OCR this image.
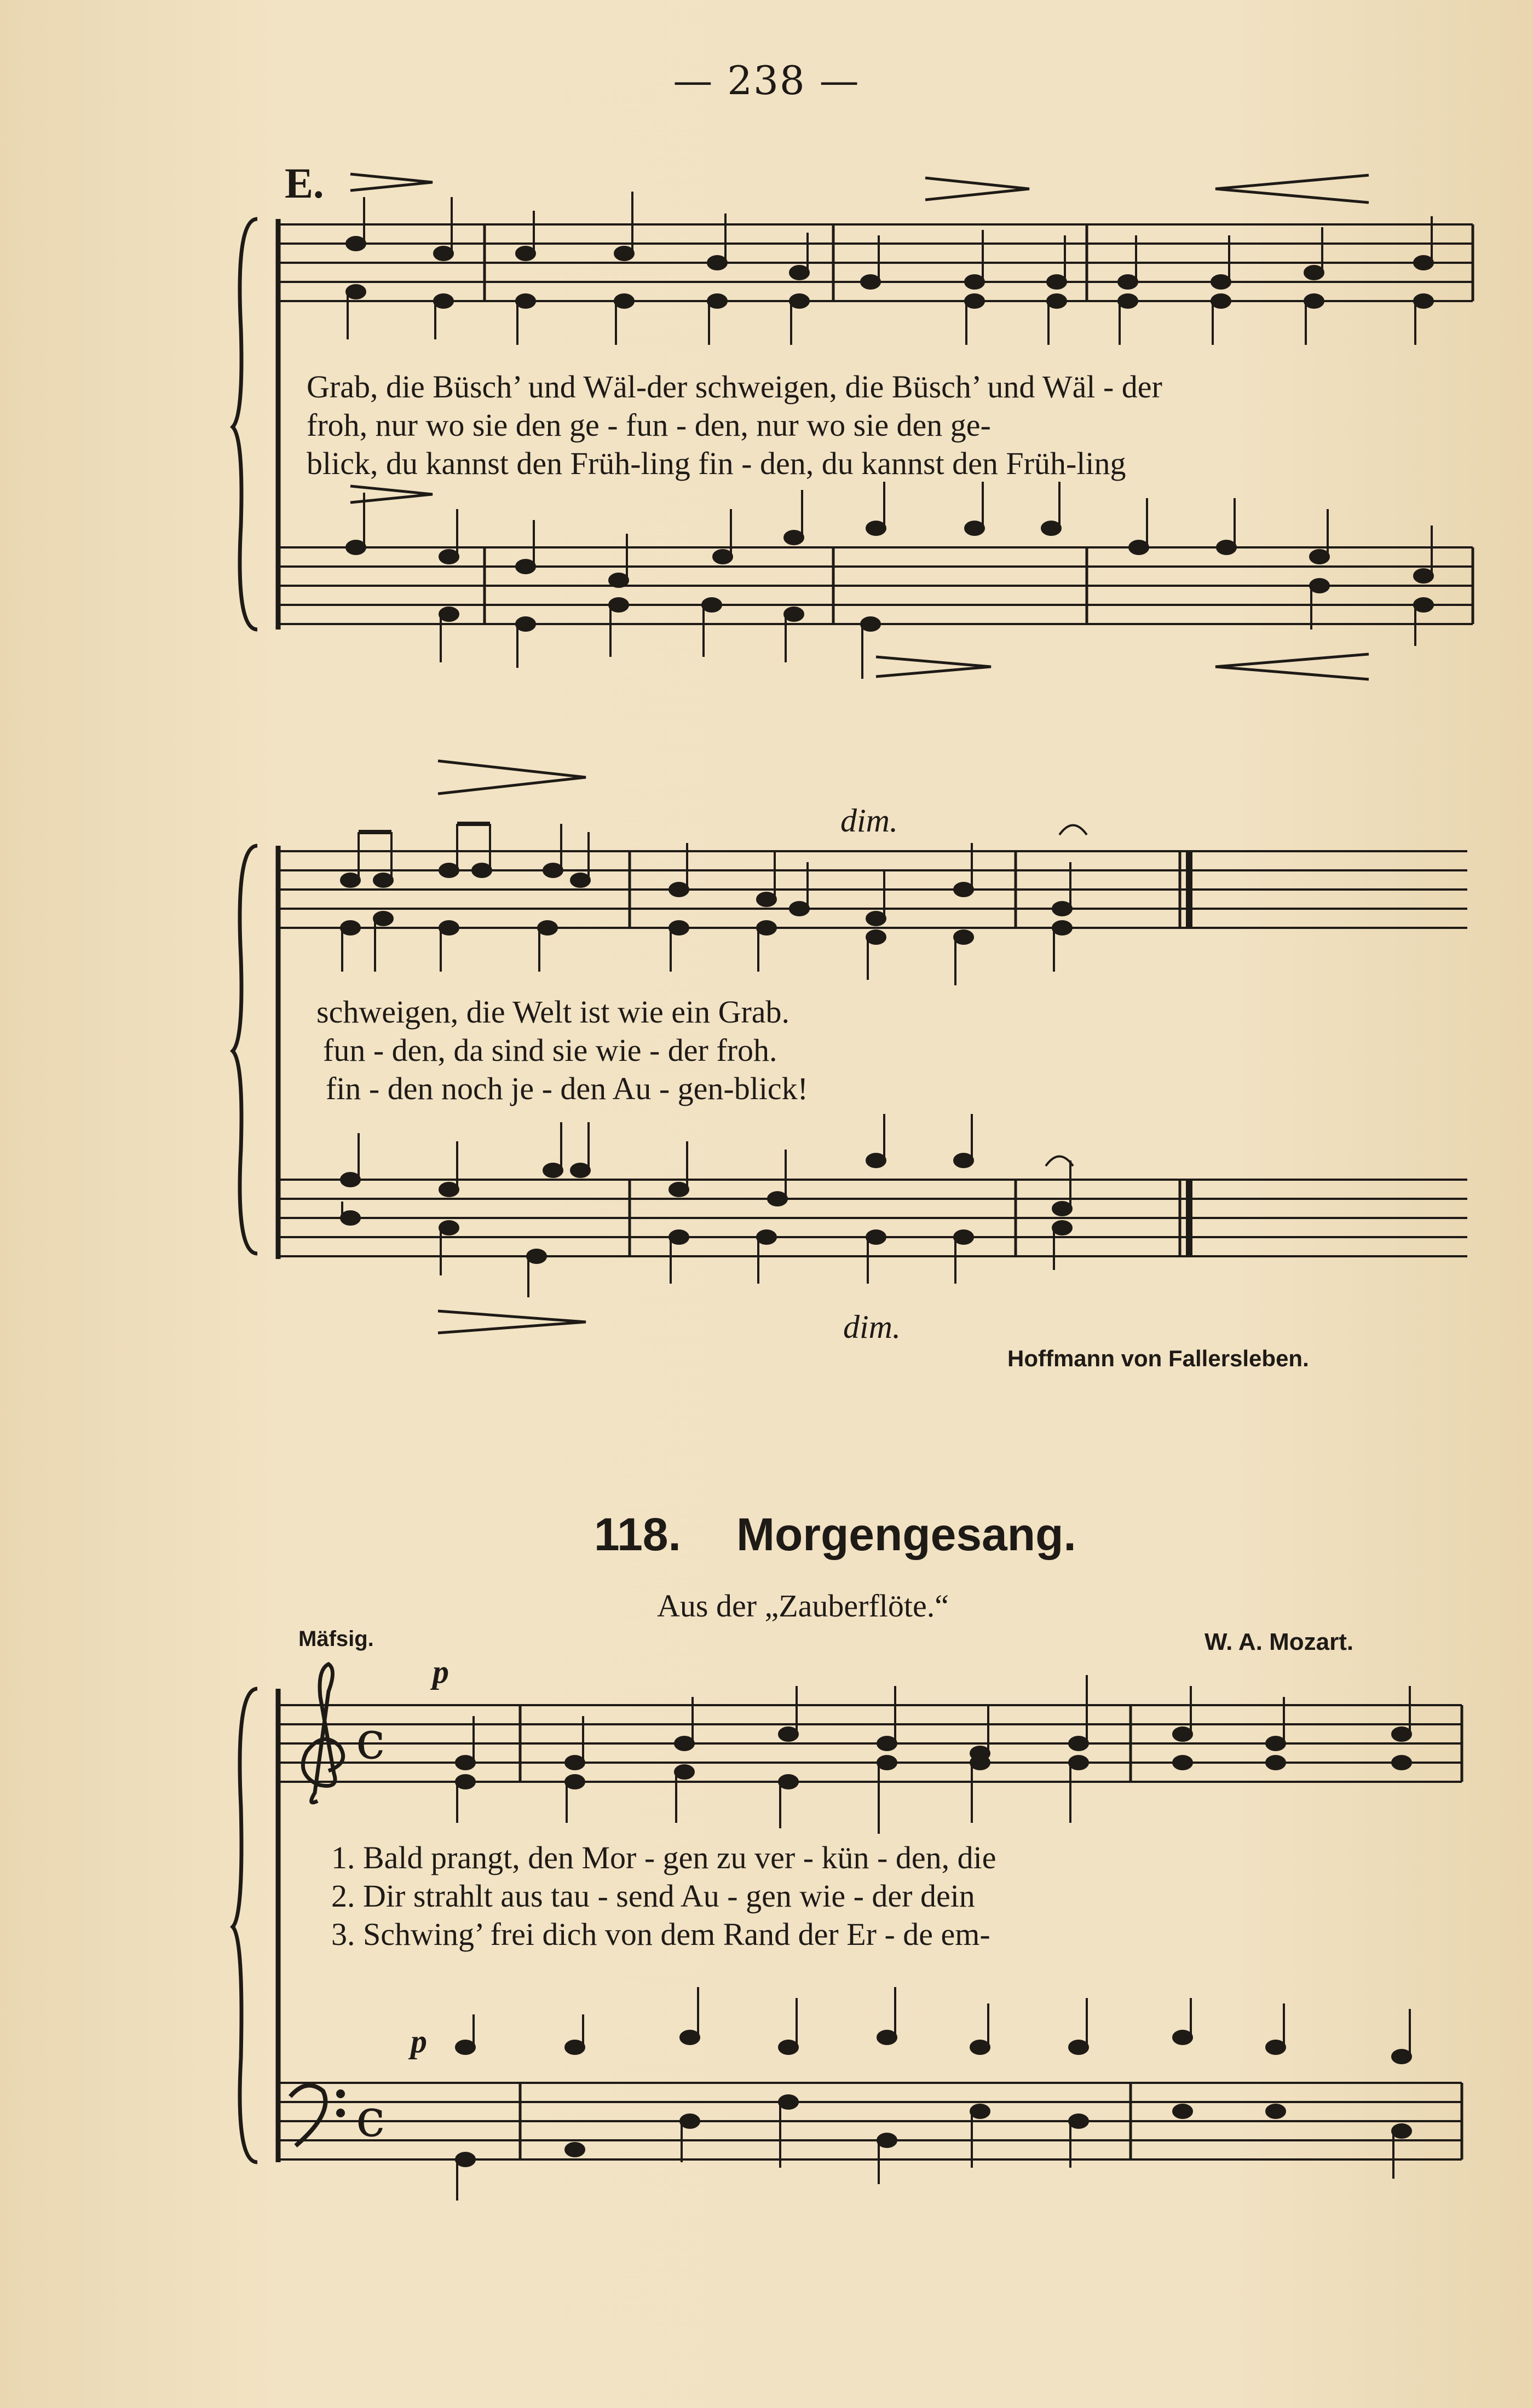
c
c

— 238 —

E.

Grab, die Büsch’ und Wäl-der schweigen, die Büsch’ und Wäl - der

froh, nur wo sie den ge - fun - den, nur wo sie den ge-

blick, du kannst den Früh-ling fin - den, du kannst den Früh-ling

dim.

schweigen, die Welt ist wie ein Grab.

fun - den, da sind sie wie - der froh.

fin - den noch je - den Au - gen-blick!

dim.

Hoffmann von Fallersleben.

118. Morgengesang.

Aus der „Zauberflöte.“

Mäfsig.	W. A. Mozart.

p

1. Bald prangt, den Mor - gen zu ver - kün - den, die

2. Dir strahlt aus tau - send Au - gen wie - der dein

3. Schwing’ frei dich von dem Rand der Er - de em-

p
